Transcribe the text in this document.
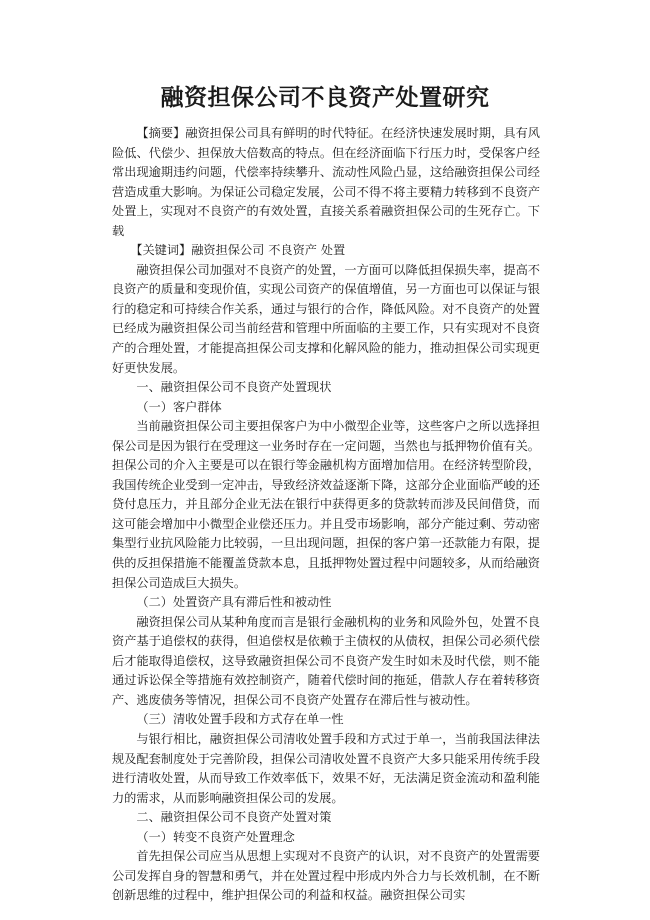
融资担保公司不良资产处置研究

【摘要】融资担保公司具有鲜明的时代特征。在经济快速发展时期，具有风险低、代偿少、担保放大倍数高的特点。但在经济面临下行压力时，受保客户经常出现逾期违约问题，代偿率持续攀升、流动性风险凸显，这给融资担保公司经营造成重大影响。为保证公司稳定发展，公司不得不将主要精力转移到不良资产处置上，实现对不良资产的有效处置，直接关系着融资担保公司的生死存亡。下载

【关键词】融资担保公司 不良资产 处置

融资担保公司加强对不良资产的处置，一方面可以降低担保损失率，提高不良资产的质量和变现价值，实现公司资产的保值增值，另一方面也可以保证与银行的稳定和可持续合作关系，通过与银行的合作，降低风险。对不良资产的处置已经成为融资担保公司当前经营和管理中所面临的主要工作，只有实现对不良资产的合理处置，才能提高担保公司支撑和化解风险的能力，推动担保公司实现更好更快发展。

一、融资担保公司不良资产处置现状

（一）客户群体

当前融资担保公司主要担保客户为中小微型企业等，这些客户之所以选择担保公司是因为银行在受理这一业务时存在一定问题，当然也与抵押物价值有关。担保公司的介入主要是可以在银行等金融机构方面增加信用。在经济转型阶段，我国传统企业受到一定冲击，导致经济效益逐渐下降，这部分企业面临严峻的还贷付息压力，并且部分企业无法在银行中获得更多的贷款转而涉及民间借贷，而这可能会增加中小微型企业偿还压力。并且受市场影响，部分产能过剩、劳动密集型行业抗风险能力比较弱，一旦出现问题，担保的客户第一还款能力有限，提供的反担保措施不能覆盖贷款本息，且抵押物处置过程中问题较多，从而给融资担保公司造成巨大损失。

（二）处置资产具有滞后性和被动性

融资担保公司从某种角度而言是银行金融机构的业务和风险外包，处置不良资产基于追偿权的获得，但追偿权是依赖于主债权的从债权，担保公司必须代偿后才能取得追偿权，这导致融资担保公司不良资产发生时如未及时代偿，则不能通过诉讼保全等措施有效控制资产，随着代偿时间的拖延，借款人存在着转移资产、逃废债务等情况，担保公司不良资产处置存在滞后性与被动性。

（三）清收处置手段和方式存在单一性

与银行相比，融资担保公司清收处置手段和方式过于单一，当前我国法律法规及配套制度处于完善阶段，担保公司清收处置不良资产大多只能采用传统手段进行清收处置，从而导致工作效率低下，效果不好，无法满足资金流动和盈利能力的需求，从而影响融资担保公司的发展。

二、融资担保公司不良资产处置对策

（一）转变不良资产处置理念

首先担保公司应当从思想上实现对不良资产的认识，对不良资产的处置需要公司发挥自身的智慧和勇气，并在处置过程中形成内外合力与长效机制，在不断创新思维的过程中，维护担保公司的利益和权益。融资担保公司实
